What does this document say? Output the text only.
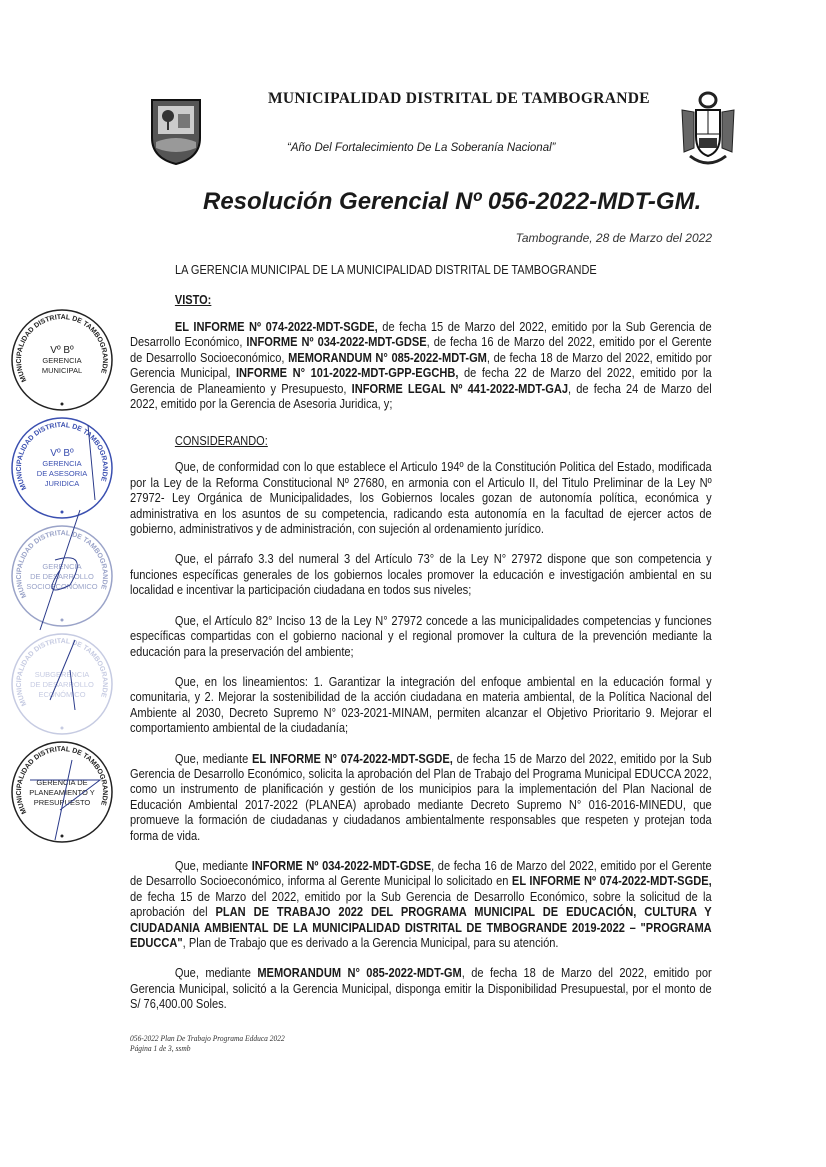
MUNICIPALIDAD DISTRITAL DE TAMBOGRANDE
“Año Del Fortalecimiento De La Soberanía Nacional”
Resolución Gerencial Nº 056-2022-MDT-GM.
Tambogrande, 28 de Marzo del 2022
LA GERENCIA MUNICIPAL DE LA MUNICIPALIDAD DISTRITAL DE TAMBOGRANDE
VISTO:
EL INFORME Nº 074-2022-MDT-SGDE, de fecha 15 de Marzo del 2022, emitido por la Sub Gerencia de Desarrollo Económico, INFORME Nº 034-2022-MDT-GDSE, de fecha 16 de Marzo del 2022, emitido por el Gerente de Desarrollo Socioeconómico, MEMORANDUM N° 085-2022-MDT-GM, de fecha 18 de Marzo del 2022, emitido por Gerencia Municipal, INFORME N° 101-2022-MDT-GPP-EGCHB, de fecha 22 de Marzo del 2022, emitido por la Gerencia de Planeamiento y Presupuesto, INFORME LEGAL Nº 441-2022-MDT-GAJ, de fecha 24 de Marzo del 2022, emitido por la Gerencia de Asesoria Juridica, y;
CONSIDERANDO:
Que, de conformidad con lo que establece el Articulo 194º de la Constitución Politica del Estado, modificada por la Ley de la Reforma Constitucional Nº 27680, en armonia con el Articulo II, del Titulo Preliminar de la Ley Nº 27972- Ley Orgánica de Municipalidades, los Gobiernos locales gozan de autonomía política, económica y administrativa en los asuntos de su competencia, radicando esta autonomía en la facultad de ejercer actos de gobierno, administrativos y de administración, con sujeción al ordenamiento jurídico.
Que, el párrafo 3.3 del numeral 3 del Artículo 73° de la Ley N° 27972 dispone que son competencia y funciones específicas generales de los gobiernos locales promover la educación e investigación ambiental en su localidad e incentivar la participación ciudadana en todos sus niveles;
Que, el Artículo 82° Inciso 13 de la Ley N° 27972 concede a las municipalidades competencias y funciones específicas compartidas con el gobierno nacional y el regional promover la cultura de la prevención mediante la educación para la preservación del ambiente;
Que, en los lineamientos: 1. Garantizar la integración del enfoque ambiental en la educación formal y comunitaria, y 2. Mejorar la sostenibilidad de la acción ciudadana en materia ambiental, de la Política Nacional del Ambiente al 2030, Decreto Supremo N° 023-2021-MINAM, permiten alcanzar el Objetivo Prioritario 9. Mejorar el comportamiento ambiental de la ciudadanía;
Que, mediante EL INFORME N° 074-2022-MDT-SGDE, de fecha 15 de Marzo del 2022, emitido por la Sub Gerencia de Desarrollo Económico, solicita la aprobación del Plan de Trabajo del Programa Municipal EDUCCA 2022, como un instrumento de planificación y gestión de los municipios para la implementación del Plan Nacional de Educación Ambiental 2017-2022 (PLANEA) aprobado mediante Decreto Supremo N° 016-2016-MINEDU, que promueve la formación de ciudadanas y ciudadanos ambientalmente responsables que respeten y protejan toda forma de vida.
Que, mediante INFORME Nº 034-2022-MDT-GDSE, de fecha 16 de Marzo del 2022, emitido por el Gerente de Desarrollo Socioeconómico, informa al Gerente Municipal lo solicitado en EL INFORME Nº 074-2022-MDT-SGDE, de fecha 15 de Marzo del 2022, emitido por la Sub Gerencia de Desarrollo Económico, sobre la solicitud de la aprobación del PLAN DE TRABAJO 2022 DEL PROGRAMA MUNICIPAL DE EDUCACIÓN, CULTURA Y CIUDADANIA AMBIENTAL DE LA MUNICIPALIDAD DISTRITAL DE TMBOGRANDE 2019-2022 – "PROGRAMA EDUCCA", Plan de Trabajo que es derivado a la Gerencia Municipal, para su atención.
Que, mediante MEMORANDUM N° 085-2022-MDT-GM, de fecha 18 de Marzo del 2022, emitido por Gerencia Municipal, solicitó a la Gerencia Municipal, disponga emitir la Disponibilidad Presupuestal, por el monto de S/ 76,400.00 Soles.
056-2022 Plan De Trabajo Programa Edduca 2022
Página 1 de 3, ssmb
MUNICIPALIDAD DISTRITAL DE TAMBOGRANDE
Vº Bº
GERENCIA
MUNICIPAL
MUNICIPALIDAD DISTRITAL DE TAMBOGRANDE
Vº Bº
GERENCIA
DE ASESORIA
JURIDICA
MUNICIPALIDAD DISTRITAL DE TAMBOGRANDE
GERENCIA
DE DESARROLLO
SOCIOECONÓMICO
MUNICIPALIDAD DISTRITAL DE TAMBOGRANDE
SUBGERENCIA
DE DESARROLLO
ECONÓMICO
MUNICIPALIDAD DISTRITAL DE TAMBOGRANDE
GERENCIA DE
PLANEAMIENTO Y
PRESUPUESTO
